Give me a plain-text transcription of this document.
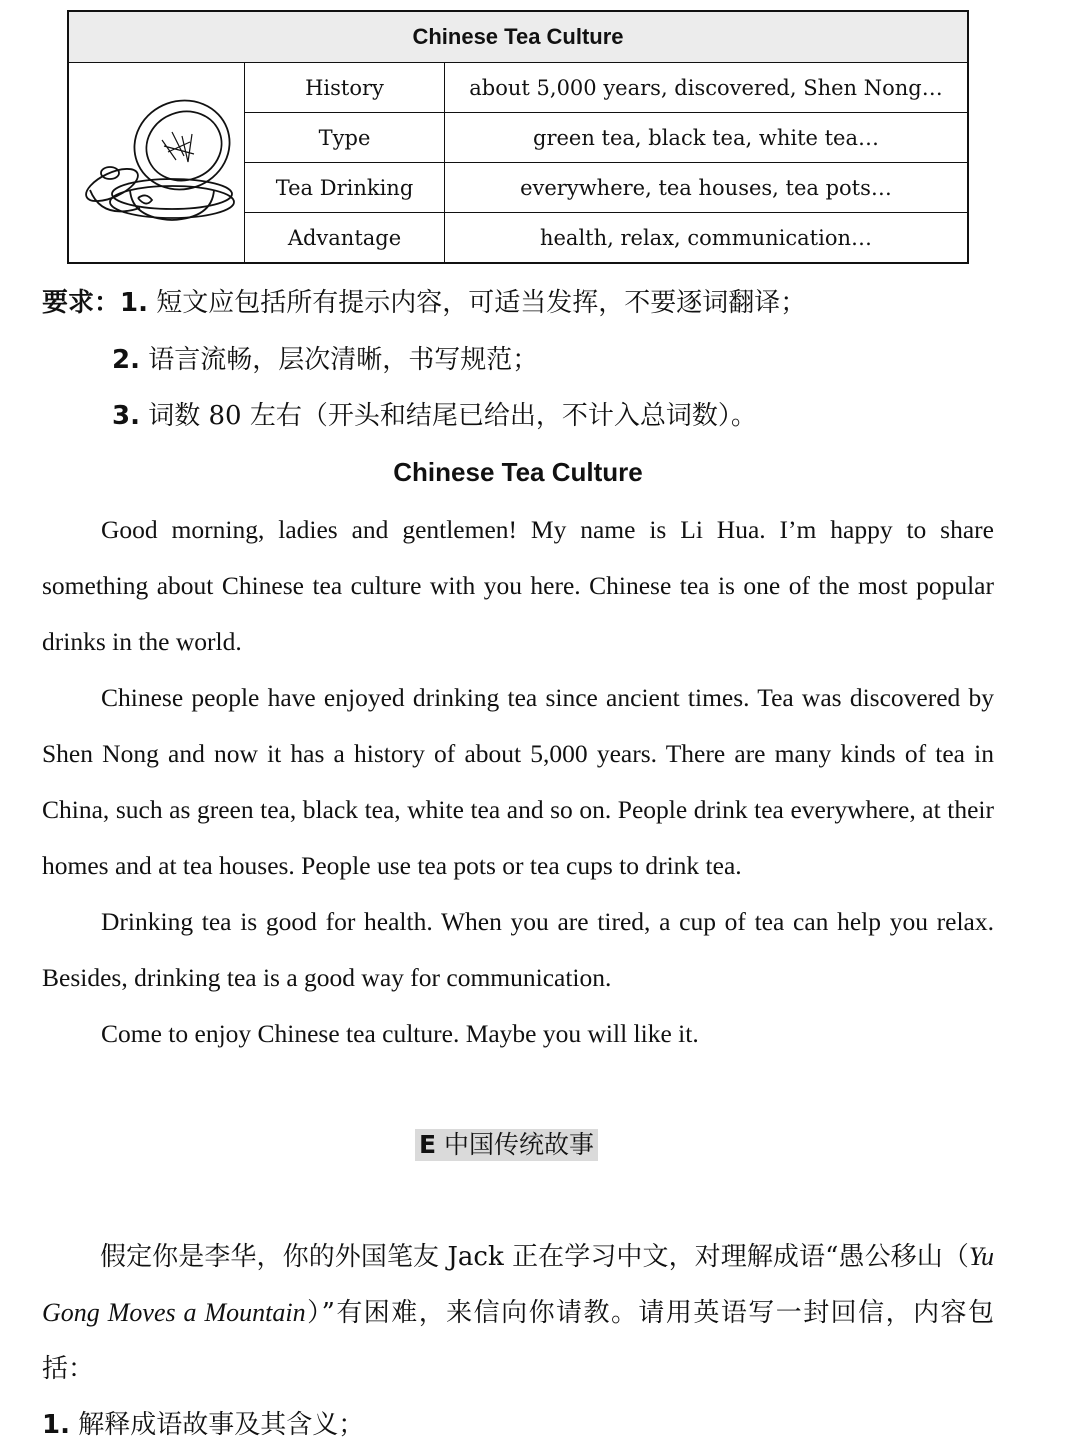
Chinese Tea Culture		
	History	about 5,000 years, discovered, Shen Nong…
	Type	green tea, black tea, white tea…
	Tea Drinking	everywhere, tea houses, tea pots…
	Advantage	health, relax, communication…
要求：1. 短文应包括所有提示内容，可适当发挥，不要逐词翻译；
2. 语言流畅，层次清晰，书写规范；
3. 词数 80 左右（开头和结尾已给出，不计入总词数）。
Chinese Tea Culture

Good morning, ladies and gentlemen! My name is Li Hua. I’m happy to share something about Chinese tea culture with you here. Chinese tea is one of the most popular drinks in the world.

Chinese people have enjoyed drinking tea since ancient times. Tea was discovered by Shen Nong and now it has a history of about 5,000 years. There are many kinds of tea in China, such as green tea, black tea, white tea and so on. People drink tea everywhere, at their homes and at tea houses. People use tea pots or tea cups to drink tea.

Drinking tea is good for health. When you are tired, a cup of tea can help you relax. Besides, drinking tea is a good way for communication.

Come to enjoy Chinese tea culture. Maybe you will like it.

E 中国传统故事

假定你是李华，你的外国笔友 Jack 正在学习中文，对理解成语“愚公移山（Yu Gong Moves a Mountain）”有困难，来信向你请教。请用英语写一封回信，内容包括：

1. 解释成语故事及其含义；
